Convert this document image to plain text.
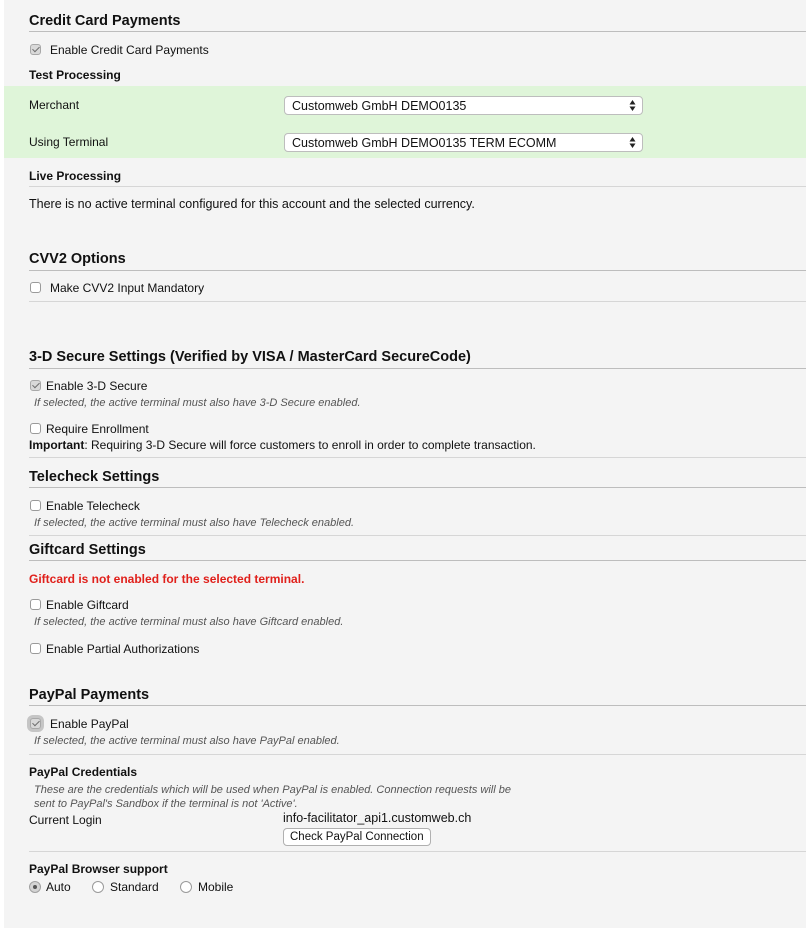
Credit Card Payments
Enable Credit Card Payments
Test Processing
Merchant	Customweb GmbH DEMO0135
Using Terminal	Customweb GmbH DEMO0135 TERM ECOMM
Live Processing
There is no active terminal configured for this account and the selected currency.
CVV2 Options
Make CVV2 Input Mandatory
3-D Secure Settings (Verified by VISA / MasterCard SecureCode)
Enable 3-D Secure
If selected, the active terminal must also have 3-D Secure enabled.
Require Enrollment
Important: Requiring 3-D Secure will force customers to enroll in order to complete transaction.
Telecheck Settings
Enable Telecheck
If selected, the active terminal must also have Telecheck enabled.
Giftcard Settings
Giftcard is not enabled for the selected terminal.
Enable Giftcard
If selected, the active terminal must also have Giftcard enabled.
Enable Partial Authorizations
PayPal Payments
Enable PayPal
If selected, the active terminal must also have PayPal enabled.
PayPal Credentials
These are the credentials which will be used when PayPal is enabled. Connection requests will be sent to PayPal's Sandbox if the terminal is not 'Active'.
Current Login	info-facilitator_api1.customweb.ch
Check PayPal Connection
PayPal Browser support
Auto	Standard	Mobile
